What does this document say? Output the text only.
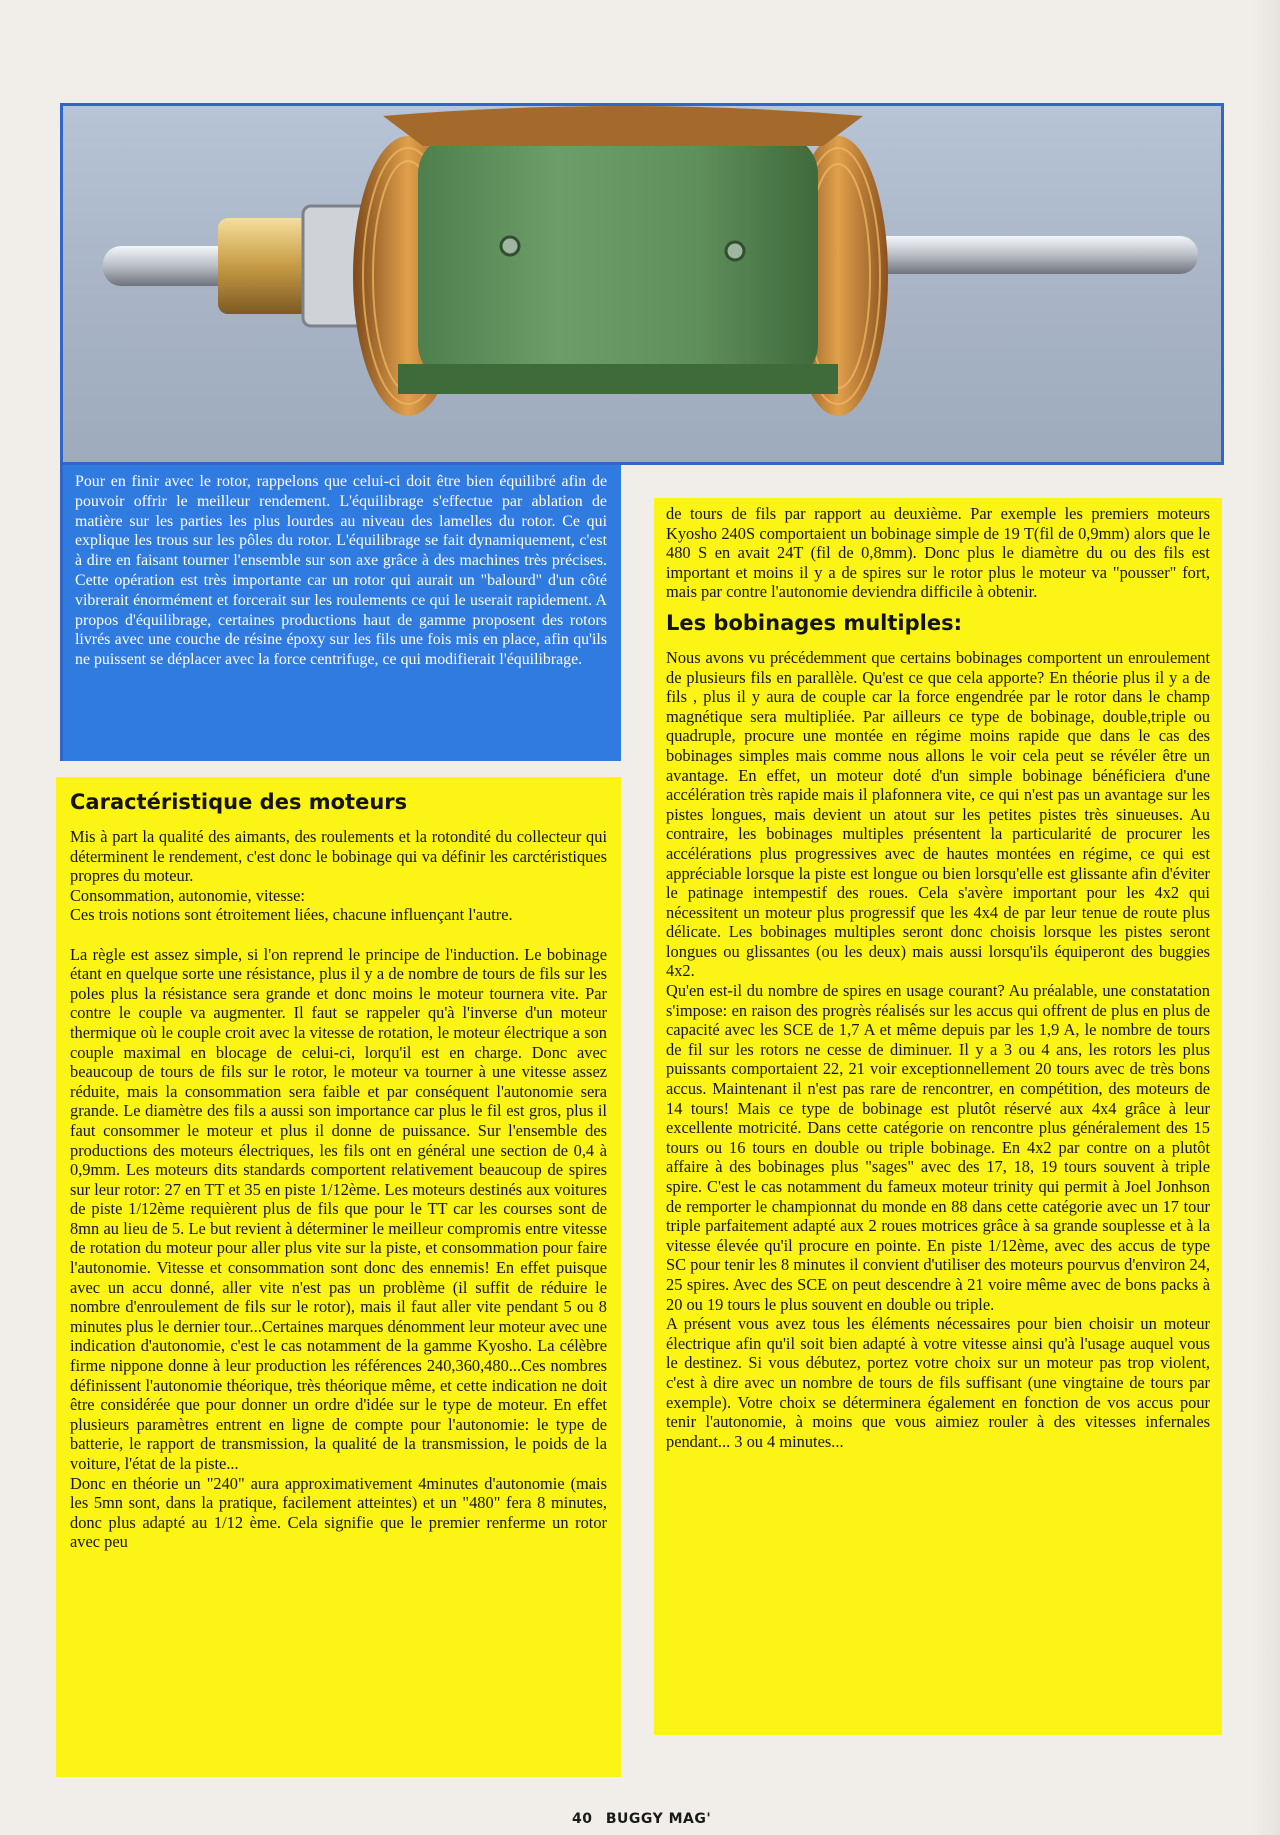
Pour en finir avec le rotor, rappelons que celui-ci doit être bien équilibré afin de pouvoir offrir le meilleur rendement. L'équilibrage s'effectue par ablation de matière sur les parties les plus lourdes au niveau des lamelles du rotor. Ce qui explique les trous sur les pôles du rotor. L'équilibrage se fait dynamiquement, c'est à dire en faisant tourner l'ensemble sur son axe grâce à des machines très précises. Cette opération est très importante car un rotor qui aurait un "balourd" d'un côté vibrerait énormément et forcerait sur les roulements ce qui le userait rapidement. A propos d'équilibrage, certaines productions haut de gamme proposent des rotors livrés avec une couche de résine époxy sur les fils une fois mis en place, afin qu'ils ne puissent se déplacer avec la force centrifuge, ce qui modifierait l'équilibrage.
Caractéristique des moteurs
Mis à part la qualité des aimants, des roulements et la rotondité du collecteur qui déterminent le rendement, c'est donc le bobinage qui va définir les carctéristiques propres du moteur.
Consommation, autonomie, vitesse:
Ces trois notions sont étroitement liées, chacune influençant l'autre.

La règle est assez simple, si l'on reprend le principe de l'induction. Le bobinage étant en quelque sorte une résistance, plus il y a de nombre de tours de fils sur les poles plus la résistance sera grande et donc moins le moteur tournera vite. Par contre le couple va augmenter. Il faut se rappeler qu'à l'inverse d'un moteur thermique où le couple croit avec la vitesse de rotation, le moteur électrique a son couple maximal en blocage de celui-ci, lorqu'il est en charge. Donc avec beaucoup de tours de fils sur le rotor, le moteur va tourner à une vitesse assez réduite, mais la consommation sera faible et par conséquent l'autonomie sera grande. Le diamètre des fils a aussi son importance car plus le fil est gros, plus il faut consommer le moteur et plus il donne de puissance. Sur l'ensemble des productions des moteurs électriques, les fils ont en général une section de 0,4 à 0,9mm. Les moteurs dits standards comportent relativement beaucoup de spires sur leur rotor: 27 en TT et 35 en piste 1/12ème. Les moteurs destinés aux voitures de piste 1/12ème requièrent plus de fils que pour le TT car les courses sont de 8mn au lieu de 5. Le but revient à déterminer le meilleur compromis entre vitesse de rotation du moteur pour aller plus vite sur la piste, et consommation pour faire l'autonomie. Vitesse et consommation sont donc des ennemis! En effet puisque avec un accu donné, aller vite n'est pas un problème (il suffit de réduire le nombre d'enroulement de fils sur le rotor), mais il faut aller vite pendant 5 ou 8 minutes plus le dernier tour...Certaines marques dénomment leur moteur avec une indication d'autonomie, c'est le cas notamment de la gamme Kyosho. La célèbre firme nippone donne à leur production les références 240,360,480...Ces nombres définissent l'autonomie théorique, très théorique même, et cette indication ne doit être considérée que pour donner un ordre d'idée sur le type de moteur. En effet plusieurs paramètres entrent en ligne de compte pour l'autonomie: le type de batterie, le rapport de transmission, la qualité de la transmission, le poids de la voiture, l'état de la piste...
Donc en théorie un "240" aura approximativement 4minutes d'autonomie (mais les 5mn sont, dans la pratique, facilement atteintes) et un "480" fera 8 minutes, donc plus adapté au 1/12 ème. Cela signifie que le premier renferme un rotor avec peu
de tours de fils par rapport au deuxième. Par exemple les premiers moteurs Kyosho 240S comportaient un bobinage simple de 19 T(fil de 0,9mm) alors que le 480 S en avait 24T (fil de 0,8mm). Donc plus le diamètre du ou des fils est important et moins il y a de spires sur le rotor plus le moteur va "pousser" fort, mais par contre l'autonomie deviendra difficile à obtenir.
Les bobinages multiples:
Nous avons vu précédemment que certains bobinages comportent un enroulement de plusieurs fils en parallèle. Qu'est ce que cela apporte? En théorie plus il y a de fils , plus il y aura de couple car la force engendrée par le rotor dans le champ magnétique sera multipliée. Par ailleurs ce type de bobinage, double,triple ou quadruple, procure une montée en régime moins rapide que dans le cas des bobinages simples mais comme nous allons le voir cela peut se révéler être un avantage. En effet, un moteur doté d'un simple bobinage bénéficiera d'une accélération très rapide mais il plafonnera vite, ce qui n'est pas un avantage sur les pistes longues, mais devient un atout sur les petites pistes très sinueuses. Au contraire, les bobinages multiples présentent la particularité de procurer les accélérations plus progressives avec de hautes montées en régime, ce qui est appréciable lorsque la piste est longue ou bien lorsqu'elle est glissante afin d'éviter le patinage intempestif des roues. Cela s'avère important pour les 4x2 qui nécessitent un moteur plus progressif que les 4x4 de par leur tenue de route plus délicate. Les bobinages multiples seront donc choisis lorsque les pistes seront longues ou glissantes (ou les deux) mais aussi lorsqu'ils équiperont des buggies 4x2.
Qu'en est-il du nombre de spires en usage courant? Au préalable, une constatation s'impose: en raison des progrès réalisés sur les accus qui offrent de plus en plus de capacité avec les SCE de 1,7 A et même depuis par les 1,9 A, le nombre de tours de fil sur les rotors ne cesse de diminuer. Il y a 3 ou 4 ans, les rotors les plus puissants comportaient 22, 21 voir exceptionnellement 20 tours avec de très bons accus. Maintenant il n'est pas rare de rencontrer, en compétition, des moteurs de 14 tours! Mais ce type de bobinage est plutôt réservé aux 4x4 grâce à leur excellente motricité. Dans cette catégorie on rencontre plus généralement des 15 tours ou 16 tours en double ou triple bobinage. En 4x2 par contre on a plutôt affaire à des bobinages plus "sages" avec des 17, 18, 19 tours souvent à triple spire. C'est le cas notamment du fameux moteur trinity qui permit à Joel Jonhson de remporter le championnat du monde en 88 dans cette catégorie avec un 17 tour triple parfaitement adapté aux 2 roues motrices grâce à sa grande souplesse et à la vitesse élevée qu'il procure en pointe. En piste 1/12ème, avec des accus de type SC pour tenir les 8 minutes il convient d'utiliser des moteurs pourvus d'environ 24, 25 spires. Avec des SCE on peut descendre à 21 voire même avec de bons packs à 20 ou 19 tours le plus souvent en double ou triple.
A présent vous avez tous les éléments nécessaires pour bien choisir un moteur électrique afin qu'il soit bien adapté à votre vitesse ainsi qu'à l'usage auquel vous le destinez. Si vous débutez, portez votre choix sur un moteur pas trop violent, c'est à dire avec un nombre de tours de fils suffisant (une vingtaine de tours par exemple). Votre choix se déterminera également en fonction de vos accus pour tenir l'autonomie, à moins que vous aimiez rouler à des vitesses infernales pendant... 3 ou 4 minutes...
40 BUGGY MAG'
